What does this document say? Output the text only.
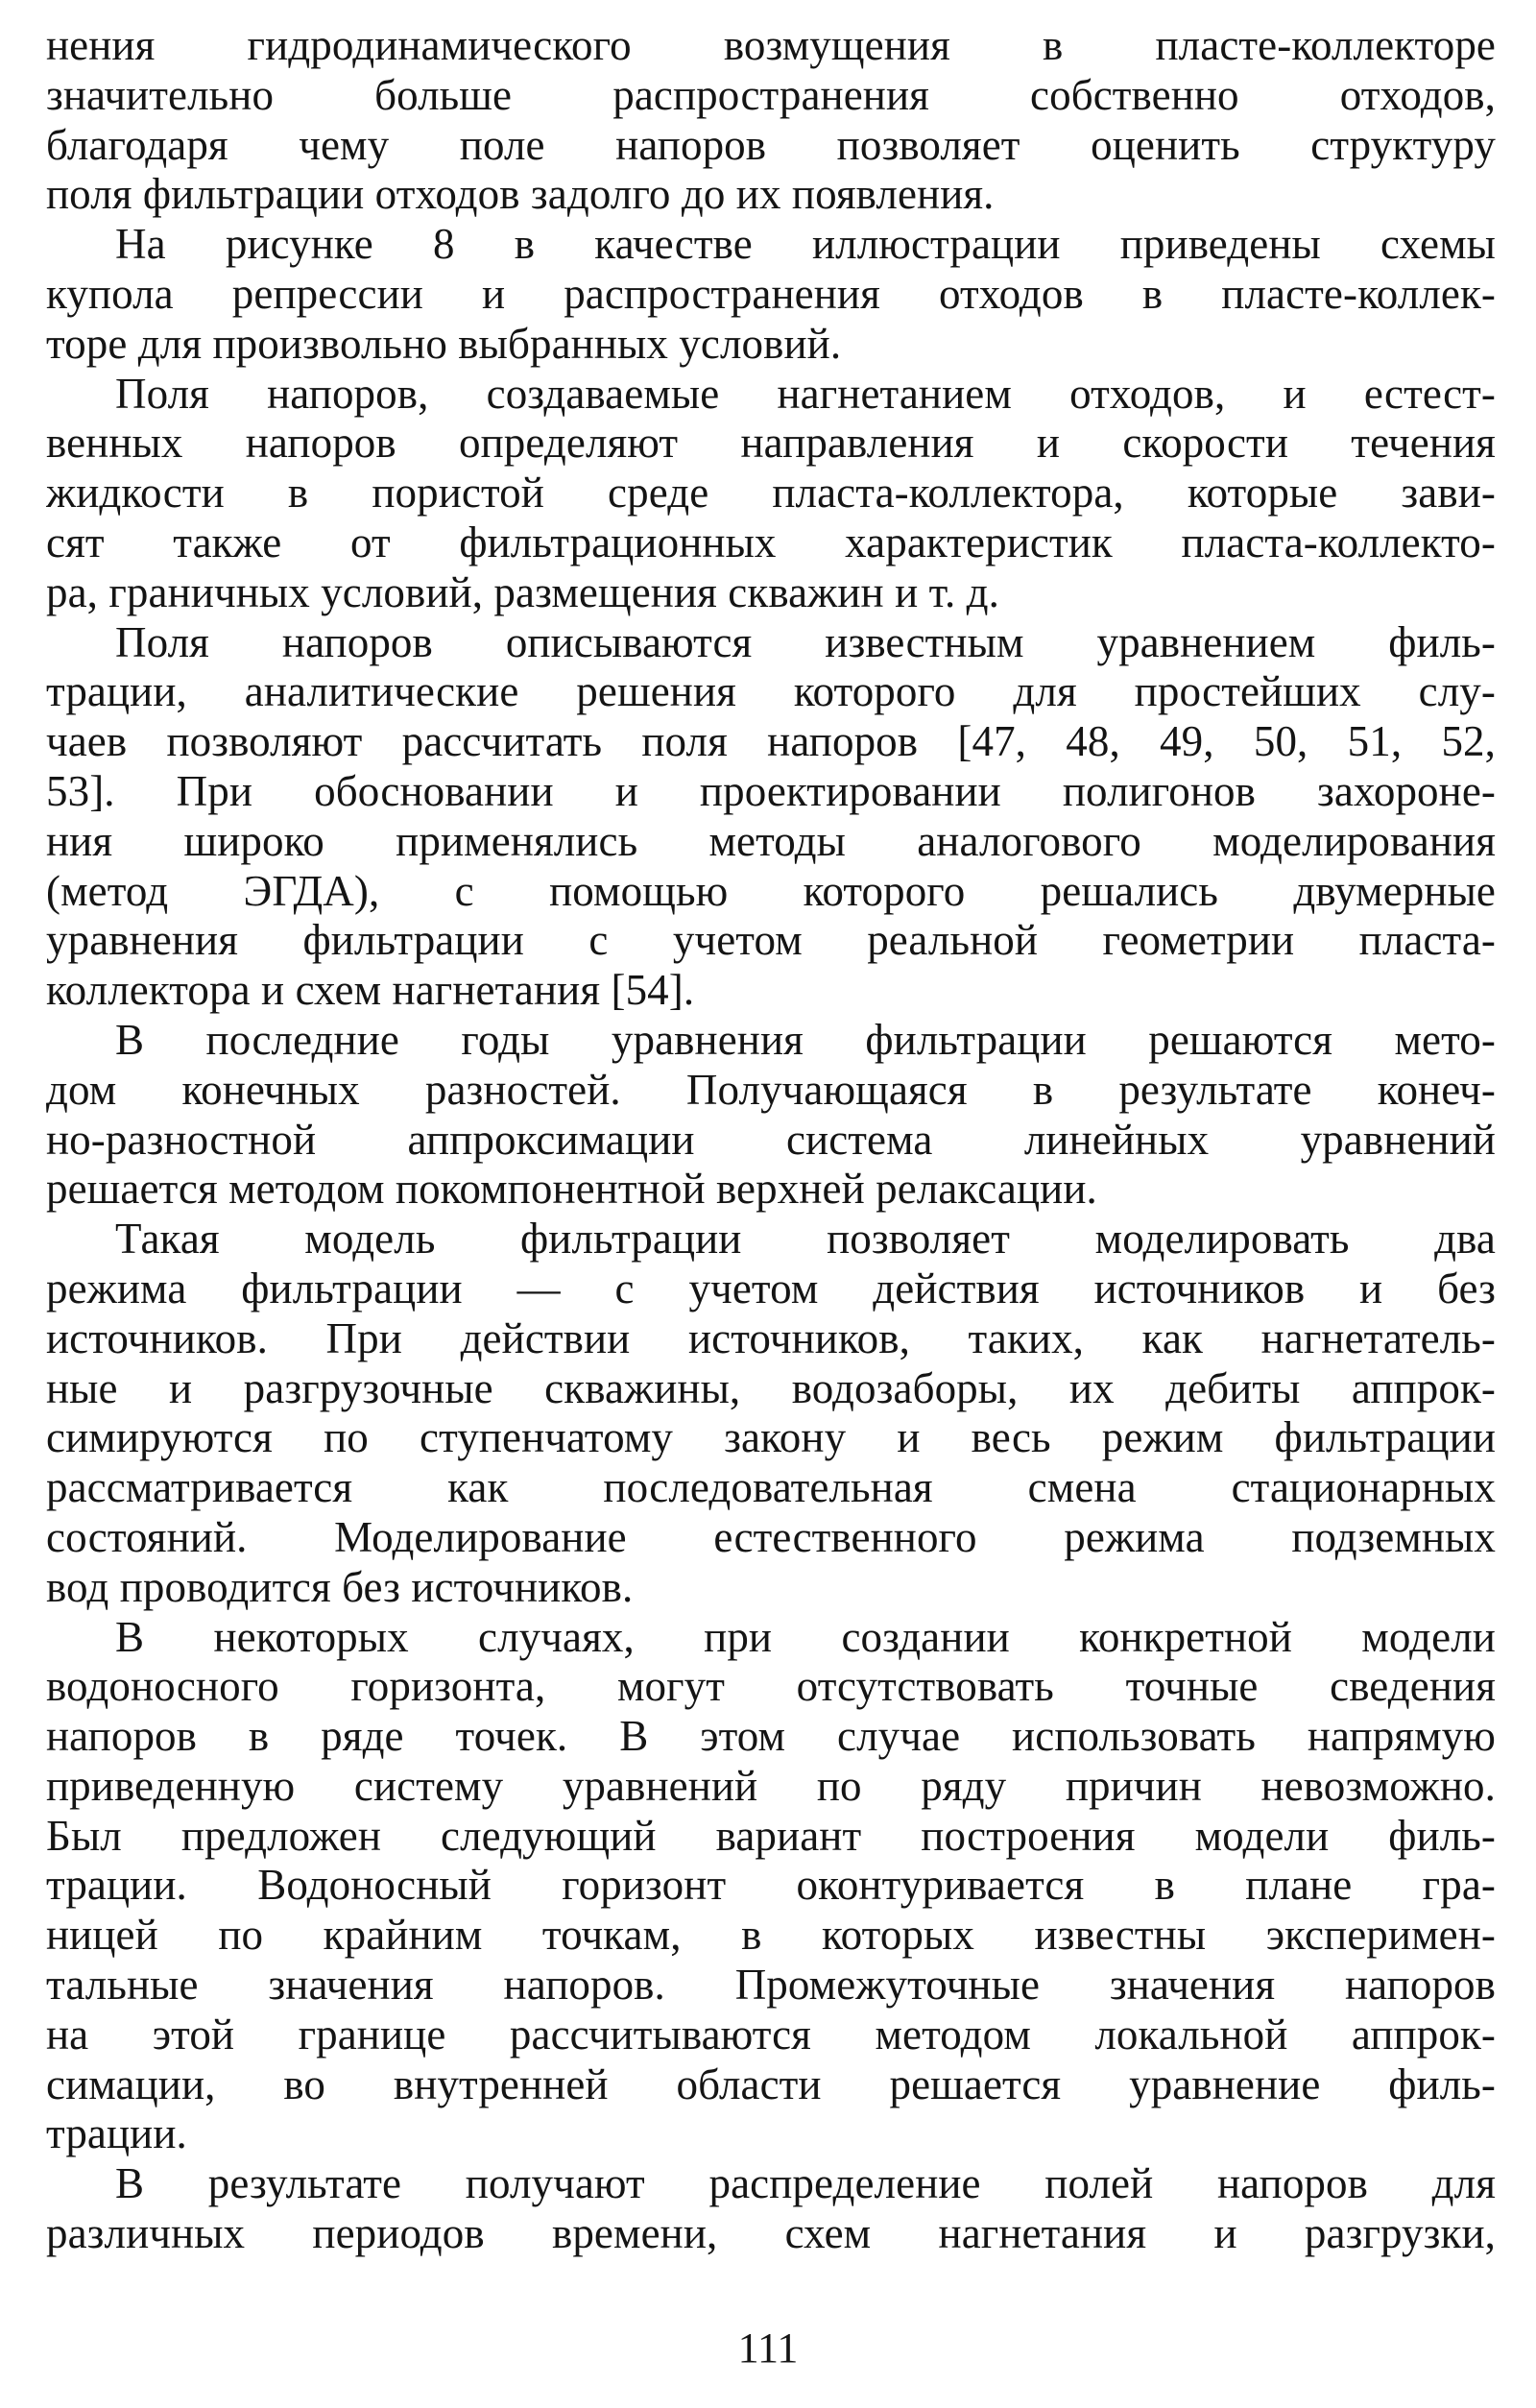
нения гидродинамического возмущения в пласте-коллекторе
значительно больше распространения собственно отходов,
благодаря чему поле напоров позволяет оценить структуру
поля фильтрации отходов задолго до их появления.
На рисунке 8 в качестве иллюстрации приведены схемы
купола репрессии и распространения отходов в пласте-коллек-
торе для произвольно выбранных условий.
Поля напоров, создаваемые нагнетанием отходов, и естест-
венных напоров определяют направления и скорости течения
жидкости в пористой среде пласта-коллектора, которые зави-
сят также от фильтрационных характеристик пласта-коллекто-
ра, граничных условий, размещения скважин и т. д.
Поля напоров описываются известным уравнением филь-
трации, аналитические решения которого для простейших слу-
чаев позволяют рассчитать поля напоров [47, 48, 49, 50, 51, 52,
53]. При обосновании и проектировании полигонов захороне-
ния широко применялись методы аналогового моделирования
(метод ЭГДА), с помощью которого решались двумерные
уравнения фильтрации с учетом реальной геометрии пласта-
коллектора и схем нагнетания [54].
В последние годы уравнения фильтрации решаются мето-
дом конечных разностей. Получающаяся в результате конеч-
но-разностной аппроксимации система линейных уравнений
решается методом покомпонентной верхней релаксации.
Такая модель фильтрации позволяет моделировать два
режима фильтрации — с учетом действия источников и без
источников. При действии источников, таких, как нагнетатель-
ные и разгрузочные скважины, водозаборы, их дебиты аппрок-
симируются по ступенчатому закону и весь режим фильтрации
рассматривается как последовательная смена стационарных
состояний. Моделирование естественного режима подземных
вод проводится без источников.
В некоторых случаях, при создании конкретной модели
водоносного горизонта, могут отсутствовать точные сведения
напоров в ряде точек. В этом случае использовать напрямую
приведенную систему уравнений по ряду причин невозможно.
Был предложен следующий вариант построения модели филь-
трации. Водоносный горизонт оконтуривается в плане гра-
ницей по крайним точкам, в которых известны эксперимен-
тальные значения напоров. Промежуточные значения напоров
на этой границе рассчитываются методом локальной аппрок-
симации, во внутренней области решается уравнение филь-
трации.
В результате получают распределение полей напоров для
различных периодов времени, схем нагнетания и разгрузки,
111
